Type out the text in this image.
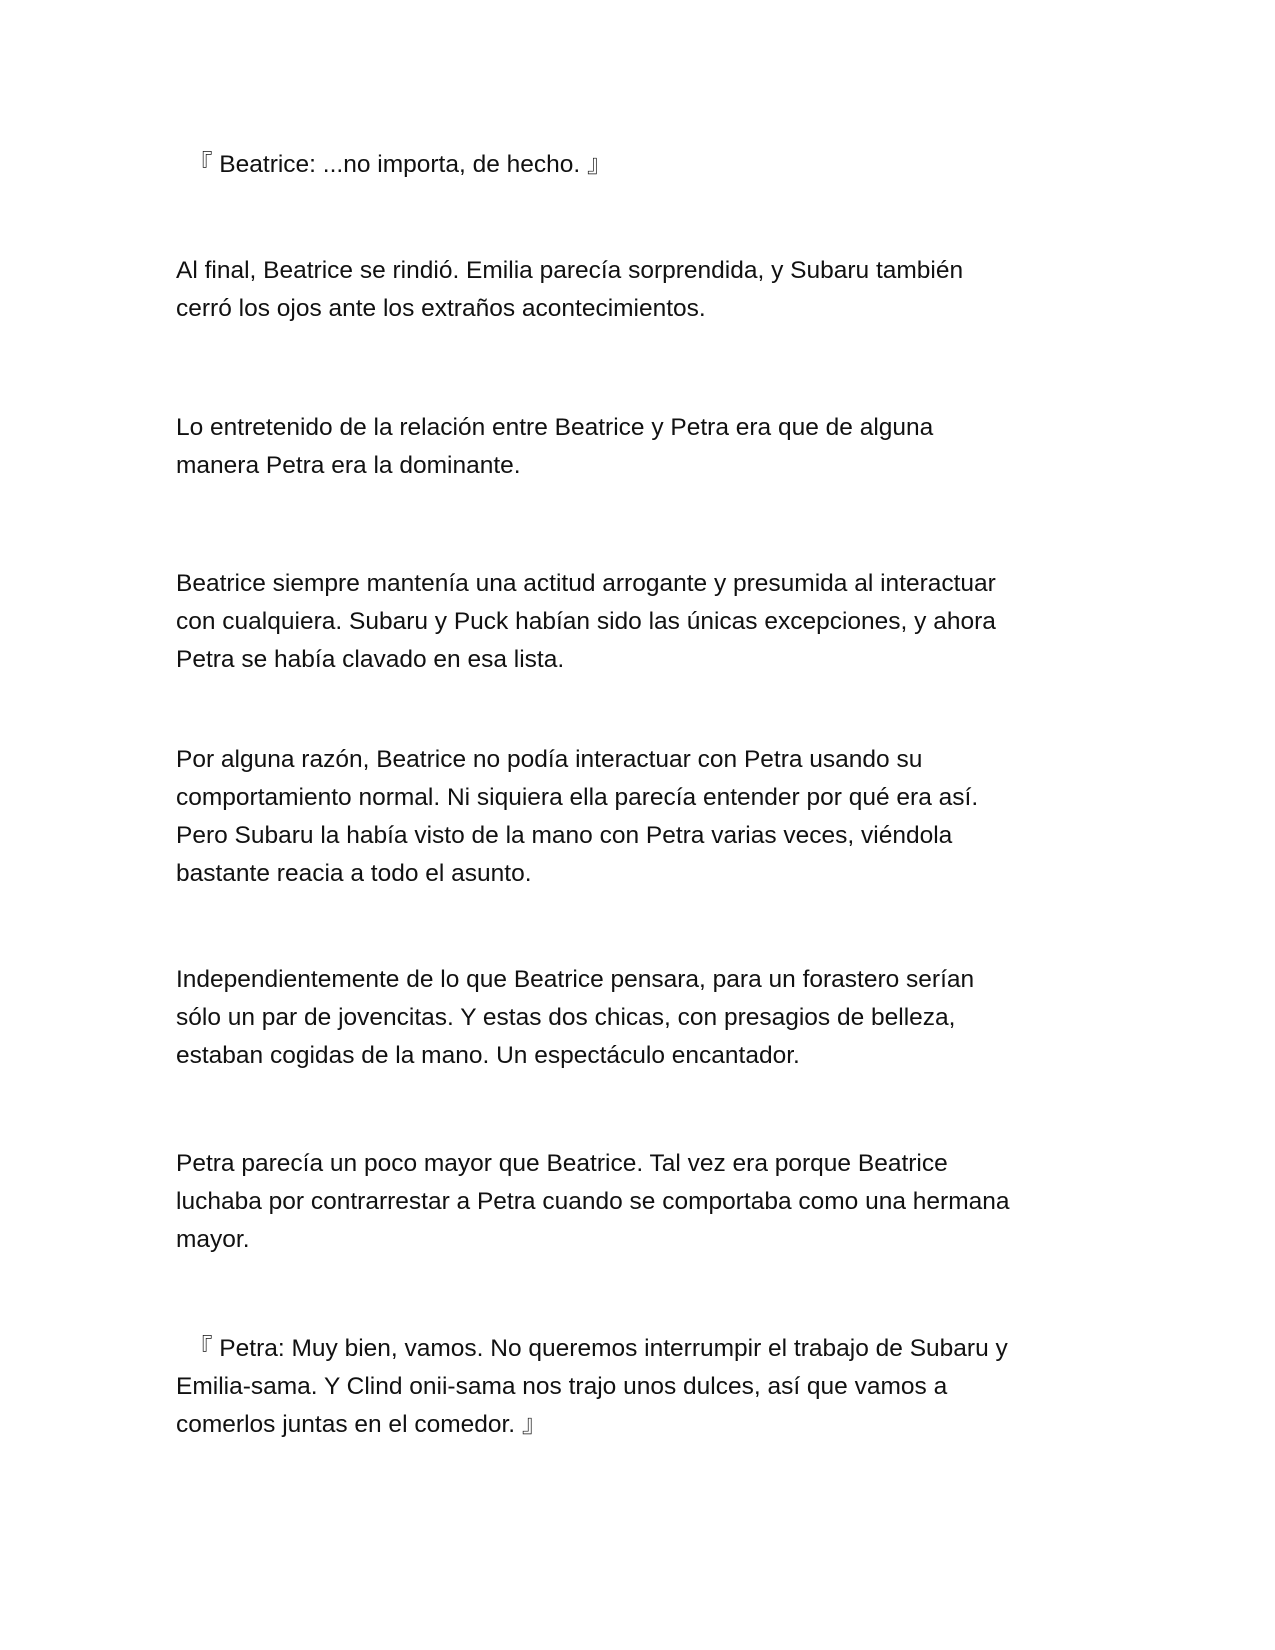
『 Beatrice: ...no importa, de hecho. 』

Al final, Beatrice se rindió. Emilia parecía sorprendida, y Subaru también
cerró los ojos ante los extraños acontecimientos.

Lo entretenido de la relación entre Beatrice y Petra era que de alguna
manera Petra era la dominante.

Beatrice siempre mantenía una actitud arrogante y presumida al interactuar
con cualquiera. Subaru y Puck habían sido las únicas excepciones, y ahora
Petra se había clavado en esa lista.

Por alguna razón, Beatrice no podía interactuar con Petra usando su
comportamiento normal. Ni siquiera ella parecía entender por qué era así.
Pero Subaru la había visto de la mano con Petra varias veces, viéndola
bastante reacia a todo el asunto.

Independientemente de lo que Beatrice pensara, para un forastero serían
sólo un par de jovencitas. Y estas dos chicas, con presagios de belleza,
estaban cogidas de la mano. Un espectáculo encantador.

Petra parecía un poco mayor que Beatrice. Tal vez era porque Beatrice
luchaba por contrarrestar a Petra cuando se comportaba como una hermana
mayor.

『 Petra: Muy bien, vamos. No queremos interrumpir el trabajo de Subaru y
Emilia-sama. Y Clind onii-sama nos trajo unos dulces, así que vamos a
comerlos juntas en el comedor. 』
